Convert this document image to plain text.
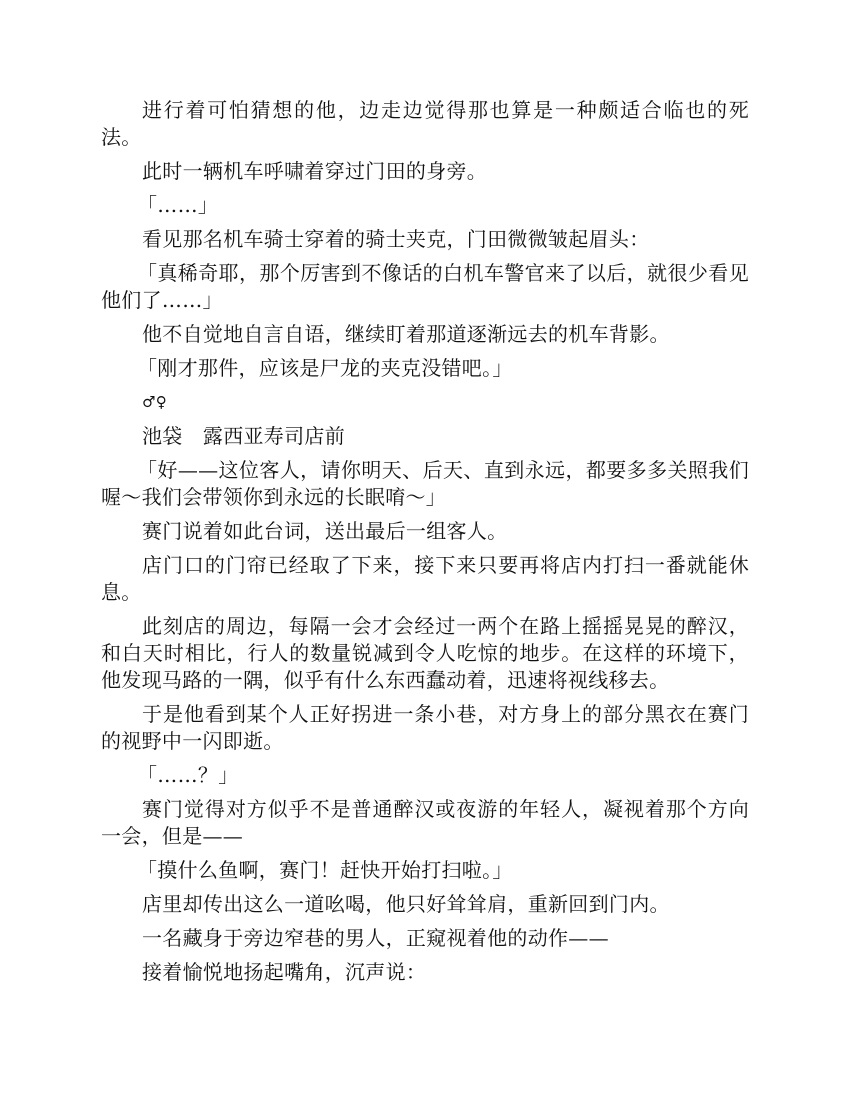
进行着可怕猜想的他，边走边觉得那也算是一种颇适合临也的死法。

此时一辆机车呼啸着穿过门田的身旁。

「……」

看见那名机车骑士穿着的骑士夹克，门田微微皱起眉头：

「真稀奇耶，那个厉害到不像话的白机车警官来了以后，就很少看见他们了……」

他不自觉地自言自语，继续盯着那道逐渐远去的机车背影。

「刚才那件，应该是尸龙的夹克没错吧。」

♂♀

池袋　露西亚寿司店前

「好——这位客人，请你明天、后天、直到永远，都要多多关照我们喔～我们会带领你到永远的长眠唷～」

赛门说着如此台词，送出最后一组客人。

店门口的门帘已经取了下来，接下来只要再将店内打扫一番就能休息。

此刻店的周边，每隔一会才会经过一两个在路上摇摇晃晃的醉汉，和白天时相比，行人的数量锐减到令人吃惊的地步。在这样的环境下，他发现马路的一隅，似乎有什么东西蠢动着，迅速将视线移去。

于是他看到某个人正好拐进一条小巷，对方身上的部分黑衣在赛门的视野中一闪即逝。

「……？」

赛门觉得对方似乎不是普通醉汉或夜游的年轻人，凝视着那个方向一会，但是——

「摸什么鱼啊，赛门！赶快开始打扫啦。」

店里却传出这么一道吆喝，他只好耸耸肩，重新回到门内。

一名藏身于旁边窄巷的男人，正窥视着他的动作——

接着愉悦地扬起嘴角，沉声说：
